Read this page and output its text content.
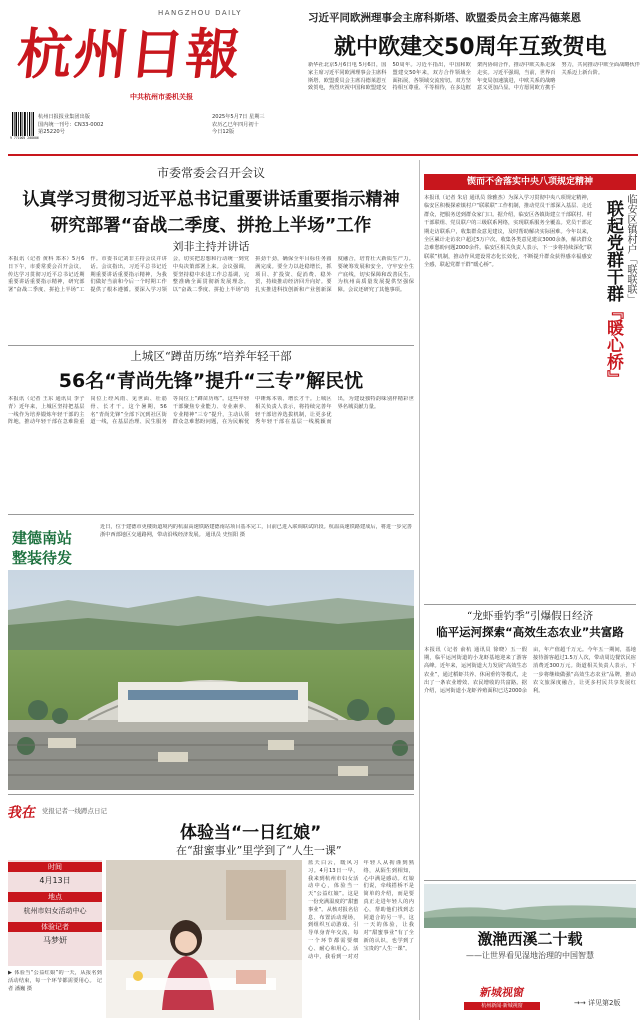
HANGZHOU DAILY
杭州日報
中共杭州市委机关报
9 771005 208006
杭州日报报业集团出版
国内统一刊号：CN33-0002
第25220号
2025年5月7日 星期三
农历乙巳年四月初十
今日12版
习近平同欧洲理事会主席科斯塔、欧盟委员会主席冯德莱恩
就中欧建交50周年互致贺电
新华社北京5月6日电 5月6日，国家主席习近平同欧洲理事会主席科斯塔、欧盟委员会主席冯德莱恩互致贺电，热烈庆祝中国和欧盟建交50周年。习近平指出，中国和欧盟建交50年来，双方合作领域全面拓展，各领域交流密切。双方坚持相互尊重、平等相待，在多边框架内协调合作，推动中欧关系走深走实。习近平强调，当前，世界百年变局加速演进，中欧关系的战略意义更加凸显。中方愿同欧方携手努力，共同推动中欧全面战略伙伴关系迈上新台阶。
市委常委会召开会议
认真学习贯彻习近平总书记重要讲话重要指示精神
研究部署“奋战二季度、拼抢上半场”工作
刘非主持并讲话
本报讯（记者 黄科 郑本）5月6日下午，市委常委会召开会议，传达学习贯彻习近平总书记近期重要讲话重要指示精神，研究部署“奋战二季度、拼抢上半场”工作。市委书记刘非主持会议并讲话。会议指出，习近平总书记近期重要讲话重要指示精神，为我们做好当前和今后一个时期工作提供了根本遵循。要深入学习领会，切实把思想和行动统一到党中央决策部署上来。会议强调，要坚持稳中求进工作总基调，完整准确全面贯彻新发展理念，以“奋战二季度、拼抢上半场”的拼劲干劲，确保全年目标任务圆满完成。要全力以赴稳增长，抓项目、扩投资、促消费、稳外贸，持续推动经济回升向好。要扎实推进科技创新和产业创新深度融合，培育壮大新质生产力。要统筹发展和安全，守牢安全生产底线，切实保障和改善民生，为杭州高质量发展提供坚强保障。会议还研究了其他事项。
上城区“蹲苗历练”培养年轻干部
56名“青尚先锋”提升“三专”解民忧
本报讯（记者 王东 通讯员 李子青）近年来，上城区坚持把基层一线作为培养锻炼年轻干部的主阵地，推动年轻干部在急难险重岗位上经风雨、见世面、壮筋骨、长才干。这个暑期，56名“青尚先锋”全部下沉到社区街道一线，在基层治理、民生服务等岗位上“蹲苗历练”。这些年轻干部聚焦专业能力、专业素养、专业精神“三专”提升，主动认领群众急难愁盼问题，在为民解忧中锤炼本领、增长才干。上城区相关负责人表示，将持续完善年轻干部培养选拔机制，让更多优秀年轻干部在基层一线脱颖而出，为建设独特韵味别样精彩世界名城贡献力量。
建德南站
整装待发
近日，位于建德市更楼街道境内的杭温高速铁路建德南站项目基本完工，目前已进入联调联试阶段。杭温高速铁路建成后，将进一步完善浙中西部地区交通路网，带动沿线经济发展。 通讯员 史恒阳 摄
我在 党报记者一线蹲点日记
体验当“一日红娘”
在“甜蜜事业”里学到了“人生一课”
时间
4月13日
地点
杭州市妇女活动中心
体验记者
马梦妍
▶ 体验当“公益红娘”的一天，从报名到活动结束，每一个环节都需要用心。 记者 潘巍 摄
蓝天白云，暖风习习。4月13日一早，我来到杭州市妇女活动中心，体验当一天“公益红娘”。这是一份充满温度的“甜蜜事业”。从核对报名信息、布置活动现场，到组织互动游戏、引导单身青年交流，每一个环节都需要细心、耐心和用心。活动中，我看到一对对年轻人从拘谨到熟络，从陌生到相知，心中满是感动。红娘们说，牵线搭桥不是简单的介绍，而是要真正走进年轻人的内心，帮助他们找到志同道合的另一半。这一天的体验，让我对“甜蜜事业”有了全新的认识，也学到了宝贵的“人生一课”。
锲而不舍落实中央八项规定精神
临安区镇村户「联联联」
联起党群干群『暖心桥』
本报讯（记者 朱启 通讯员 徐雅杰）为深入学习贯彻中央八项规定精神，临安区积极探索镇村户“联联联”工作机制，推动党员干部深入基层、走近群众，把服务送到群众家门口。据介绍，临安区各镇街建立干部联村、村干部联组、党员联户的三级联系网络，实现联系服务全覆盖。党员干部定期走访联系户，收集群众意见建议，及时帮助解决实际困难。今年以来，全区累计走访农户超过5万户次，收集各类意见建议3000余条，解决群众急难愁盼问题2000余件。临安区相关负责人表示，下一步将持续深化“联联联”机制，推动作风建设常态化长效化，不断提升群众获得感幸福感安全感，联起党群干群“暖心桥”。
“龙虾垂钓季”引爆假日经济
临平运河探索“高效生态农业”共富路
本报讯（记者 俞杭 通讯员 徐晓）五一假期，临平运河街道的小龙虾基地迎来了游客高峰。近年来，运河街道大力发展“高效生态农业”，通过稻虾共养、休闲垂钓等模式，走出了一条农业增效、农民增收的共富路。据介绍，运河街道小龙虾养殖面积已达2000余亩，年产值超千万元。今年五一期间，基地接待游客超过1.5万人次，带动周边餐饮民宿消费近300万元。街道相关负责人表示，下一步将继续做强“高效生态农业”品牌，推动农文旅深度融合，让更多村民共享发展红利。
激滟西溪二十载
——让世界看见湿地治理的中国智慧
新城视窗
杭州新闻·新城视窗	→→ 详见第2版
